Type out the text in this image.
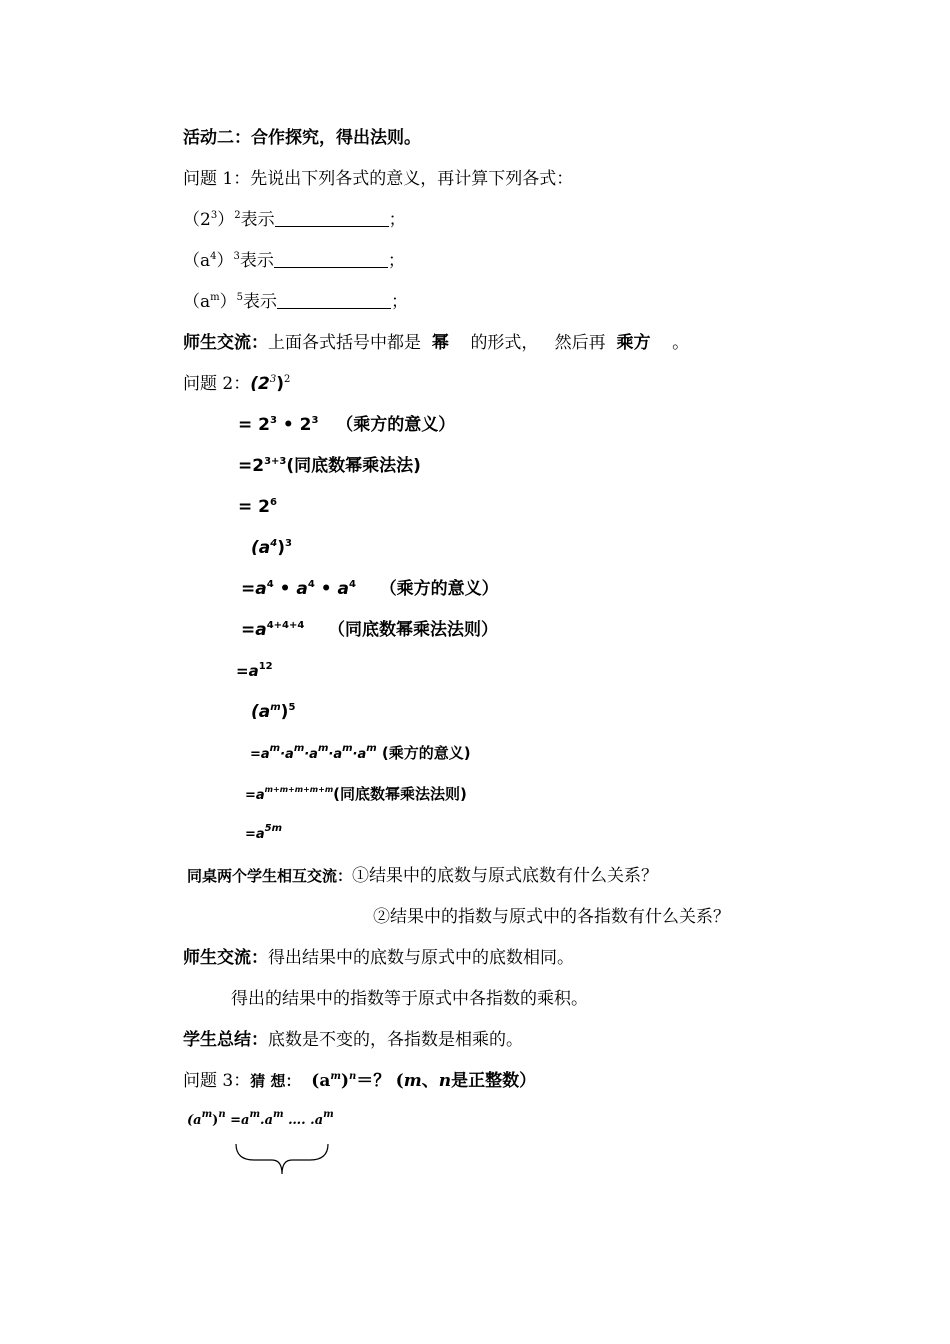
活动二：合作探究，得出法则。
问题 1：先说出下列各式的意义，再计算下列各式：
$(2^3)^2$表示	；
$(a^4)^3$表示	；
$(a^m)^5$表示	；
师生交流：上面各式括号中都是 幂 的形式， 然后再 乘方 。
问题 2：$(2^3)^2$
= $2^3$ • $2^3$ （乘方的意义）
$=2^{3+3}$(同底数幂乘法法)
= $2^6$
$(a^4)^3$
$=a^4$ • $a^4$ • $a^4$ （乘方的意义）
$=a^{4+4+4}$ （同底数幂乘法法则）
$=a^{12}$
$(a^m)^5$
$=a^m\cdot a^m\cdot a^m\cdot a^m\cdot a^m$ (乘方的意义)
$=a^{m+m+m+m+m}$(同底数幂乘法法则)
$=a^{5m}$
同桌两个学生相互交流：①结果中的底数与原式底数有什么关系？
②结果中的指数与原式中的各指数有什么关系？
师生交流：得出结果中的底数与原式中的底数相同。
得出的结果中的指数等于原式中各指数的乘积。
学生总结：底数是不变的，各指数是相乘的。
问题 3：猜 想： $(a^m)^n=$？ (m、n是正整数）
$(a^m)^n =a^m.a^m$ …. $.a^m$
